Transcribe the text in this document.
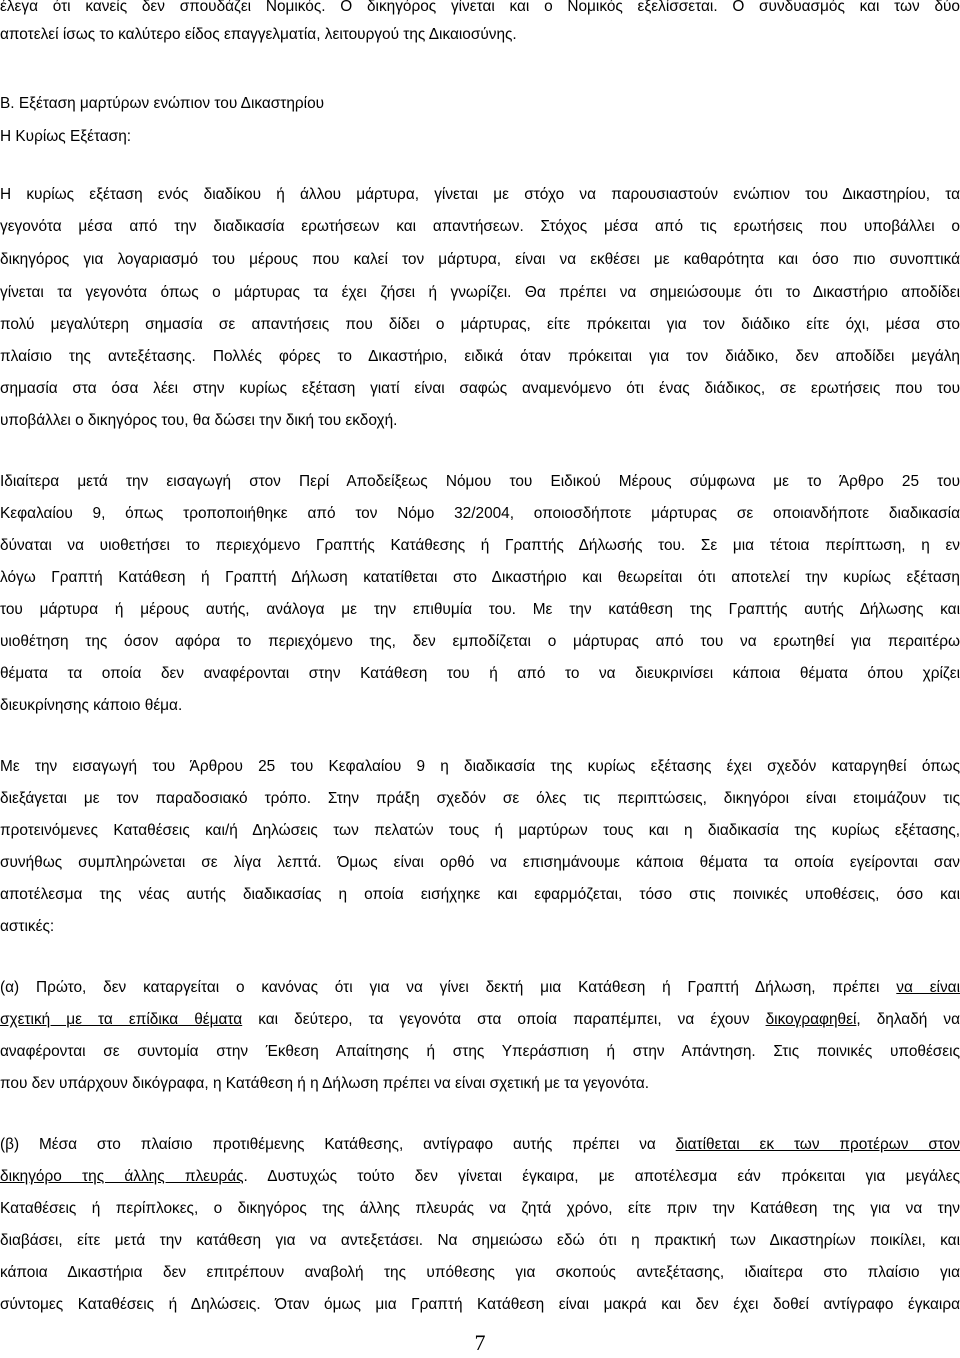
έλεγα ότι κανείς δεν σπουδάζει Νομικός. Ο δικηγόρος γίνεται και ο Νομικός εξελίσσεται. Ο συνδυασμός και των δύο
αποτελεί ίσως το καλύτερο είδος επαγγελματία, λειτουργού της Δικαιοσύνης.
Β. Εξέταση μαρτύρων ενώπιον του Δικαστηρίου
Η Κυρίως Εξέταση:
Η κυρίως εξέταση ενός διαδίκου ή άλλου μάρτυρα, γίνεται με στόχο να παρουσιαστούν ενώπιον του Δικαστηρίου, τα
γεγονότα μέσα από την διαδικασία ερωτήσεων και απαντήσεων. Στόχος μέσα από τις ερωτήσεις που υποβάλλει ο
δικηγόρος για λογαριασμό του μέρους που καλεί τον μάρτυρα, είναι να εκθέσει με καθαρότητα και όσο πιο συνοπτικά
γίνεται τα γεγονότα όπως ο μάρτυρας τα έχει ζήσει ή γνωρίζει. Θα πρέπει να σημειώσουμε ότι το Δικαστήριο αποδίδει
πολύ μεγαλύτερη σημασία σε απαντήσεις που δίδει ο μάρτυρας, είτε πρόκειται για τον διάδικο είτε όχι, μέσα στο
πλαίσιο της αντεξέτασης. Πολλές φόρες το Δικαστήριο, ειδικά όταν πρόκειται για τον διάδικο, δεν αποδίδει μεγάλη
σημασία στα όσα λέει στην κυρίως εξέταση γιατί είναι σαφώς αναμενόμενο ότι ένας διάδικος, σε ερωτήσεις που του
υποβάλλει ο δικηγόρος του, θα δώσει την δική του εκδοχή.
Ιδιαίτερα μετά την εισαγωγή στον Περί Αποδείξεως Νόμου του Ειδικού Μέρους σύμφωνα με το Άρθρο 25 του
Κεφαλαίου 9, όπως τροποποιήθηκε από τον Νόμο 32/2004, οποιοσδήποτε μάρτυρας σε οποιανδήποτε διαδικασία
δύναται να υιοθετήσει το περιεχόμενο Γραπτής Κατάθεσης ή Γραπτής Δήλωσής του. Σε μια τέτοια περίπτωση, η εν
λόγω Γραπτή Κατάθεση ή Γραπτή Δήλωση κατατίθεται στο Δικαστήριο και θεωρείται ότι αποτελεί την κυρίως εξέταση
του μάρτυρα ή μέρους αυτής, ανάλογα με την επιθυμία του. Με την κατάθεση της Γραπτής αυτής Δήλωσης και
υιοθέτηση της όσον αφόρα το περιεχόμενο της, δεν εμποδίζεται ο μάρτυρας από του να ερωτηθεί για περαιτέρω
θέματα τα οποία δεν αναφέρονται στην Κατάθεση του ή από το να διευκρινίσει κάποια θέματα όπου χρίζει
διευκρίνησης κάποιο θέμα.
Με την εισαγωγή του Άρθρου 25 του Κεφαλαίου 9 η διαδικασία της κυρίως εξέτασης έχει σχεδόν καταργηθεί όπως
διεξάγεται με τον παραδοσιακό τρόπο. Στην πράξη σχεδόν σε όλες τις περιπτώσεις, δικηγόροι είναι ετοιμάζουν τις
προτεινόμενες Καταθέσεις και/ή Δηλώσεις των πελατών τους ή μαρτύρων τους και η διαδικασία της κυρίως εξέτασης,
συνήθως συμπληρώνεται σε λίγα λεπτά. Όμως είναι ορθό να επισημάνουμε κάποια θέματα τα οποία εγείρονται σαν
αποτέλεσμα της νέας αυτής διαδικασίας η οποία εισήχηκε και εφαρμόζεται, τόσο στις ποινικές υποθέσεις, όσο και
αστικές:
(α) Πρώτο, δεν καταργείται ο κανόνας ότι για να γίνει δεκτή μια Κατάθεση ή Γραπτή Δήλωση, πρέπει να είναι
σχετική με τα επίδικα θέματα και δεύτερο, τα γεγονότα στα οποία παραπέμπει, να έχουν δικογραφηθεί, δηλαδή να
αναφέρονται σε συντομία στην Έκθεση Απαίτησης ή στης Υπεράσπιση ή στην Απάντηση. Στις ποινικές υποθέσεις
που δεν υπάρχουν δικόγραφα, η Κατάθεση ή η Δήλωση πρέπει να είναι σχετική με τα γεγονότα.
(β) Μέσα στο πλαίσιο προτιθέμενης Κατάθεσης, αντίγραφο αυτής πρέπει να διατίθεται εκ των προτέρων στον
δικηγόρο της άλλης πλευράς. Δυστυχώς τούτο δεν γίνεται έγκαιρα, με αποτέλεσμα εάν πρόκειται για μεγάλες
Καταθέσεις ή περίπλοκες, ο δικηγόρος της άλλης πλευράς να ζητά χρόνο, είτε πριν την Κατάθεση της για να την
διαβάσει, είτε μετά την κατάθεση για να αντεξετάσει. Να σημειώσω εδώ ότι η πρακτική των Δικαστηρίων ποικίλει, και
κάποια Δικαστήρια δεν επιτρέπουν αναβολή της υπόθεσης για σκοπούς αντεξέτασης, ιδιαίτερα στο πλαίσιο για
σύντομες Καταθέσεις ή Δηλώσεις. Όταν όμως μια Γραπτή Κατάθεση είναι μακρά και δεν έχει δοθεί αντίγραφο έγκαιρα
7
